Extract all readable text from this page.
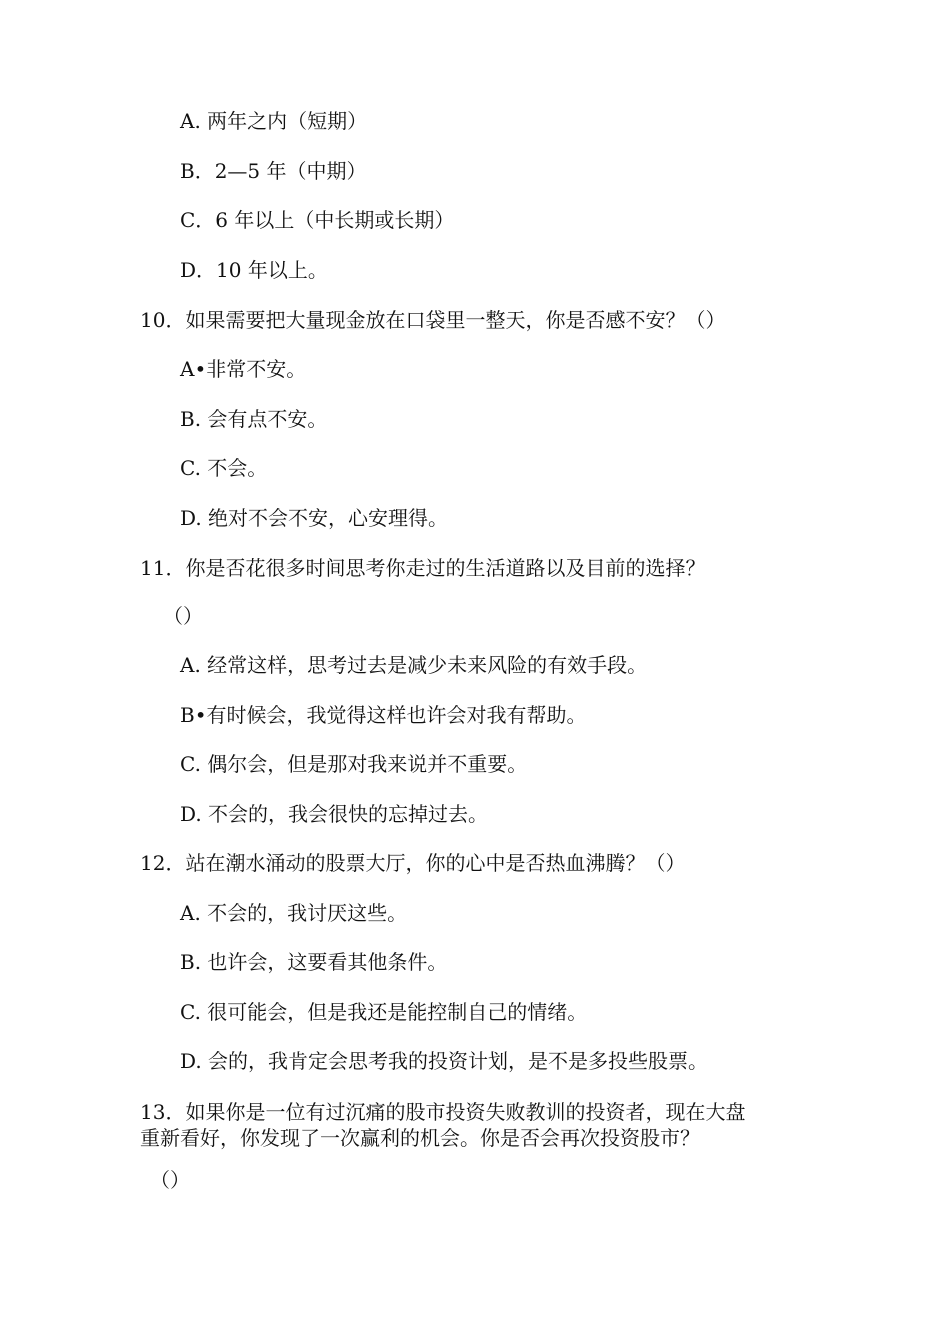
A. 两年之内（短期）
B．2—5 年（中期）
C．6 年以上（中长期或长期）
D．10 年以上。
10．如果需要把大量现金放在口袋里一整天，你是否感不安？（）
A•非常不安。
B. 会有点不安。
C. 不会。
D. 绝对不会不安，心安理得。
11．你是否花很多时间思考你走过的生活道路以及目前的选择？
（）
A. 经常这样，思考过去是减少未来风险的有效手段。
B•有时候会，我觉得这样也许会对我有帮助。
C. 偶尔会，但是那对我来说并不重要。
D. 不会的，我会很快的忘掉过去。
12．站在潮水涌动的股票大厅，你的心中是否热血沸腾？（）
A. 不会的，我讨厌这些。
B. 也许会，这要看其他条件。
C. 很可能会，但是我还是能控制自己的情绪。
D. 会的，我肯定会思考我的投资计划，是不是多投些股票。
13．如果你是一位有过沉痛的股市投资失败教训的投资者，现在大盘
重新看好，你发现了一次赢利的机会。你是否会再次投资股市？
（）
